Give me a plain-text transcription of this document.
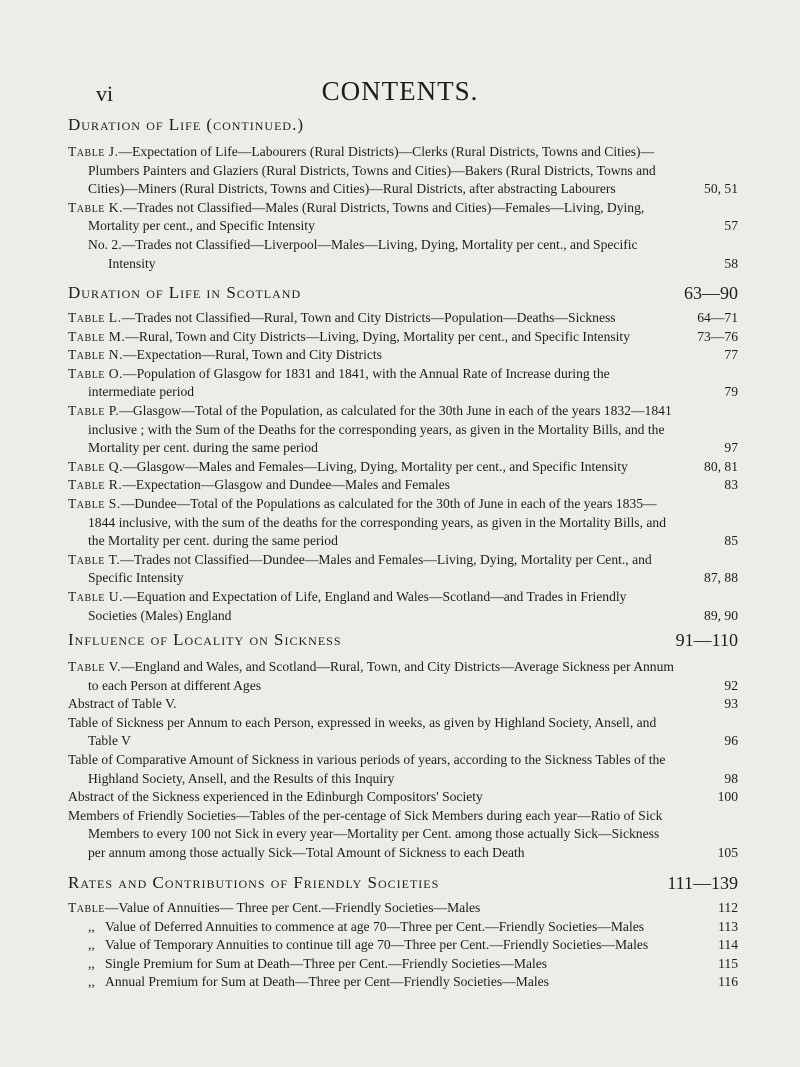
vi	CONTENTS.
Duration of Life (continued.)
Table J.—Expectation of Life—Labourers (Rural Districts)—Clerks (Rural Districts, Towns and Cities)—Plumbers Painters and Glaziers (Rural Districts, Towns and Cities)—Bakers (Rural Districts, Towns and Cities)—Miners (Rural Districts, Towns and Cities)—Rural Districts, after abstracting Labourers	50, 51
Table K.—Trades not Classified—Males (Rural Districts, Towns and Cities)—Females—Living, Dying, Mortality per cent., and Specific Intensity	57
No. 2.—Trades not Classified—Liverpool—Males—Living, Dying, Mortality per cent., and Specific Intensity	58
Duration of Life in Scotland	63—90
Table L.—Trades not Classified—Rural, Town and City Districts—Population—Deaths—Sickness	64—71
Table M.—Rural, Town and City Districts—Living, Dying, Mortality per cent., and Specific Intensity	73—76
Table N.—Expectation—Rural, Town and City Districts	77
Table O.—Population of Glasgow for 1831 and 1841, with the Annual Rate of Increase during the intermediate period	79
Table P.—Glasgow—Total of the Population, as calculated for the 30th June in each of the years 1832—1841 inclusive ; with the Sum of the Deaths for the corresponding years, as given in the Mortality Bills, and the Mortality per cent. during the same period	97
Table Q.—Glasgow—Males and Females—Living, Dying, Mortality per cent., and Specific Intensity	80, 81
Table R.—Expectation—Glasgow and Dundee—Males and Females	83
Table S.—Dundee—Total of the Populations as calculated for the 30th of June in each of the years 1835—1844 inclusive, with the sum of the deaths for the corresponding years, as given in the Mortality Bills, and the Mortality per cent. during the same period	85
Table T.—Trades not Classified—Dundee—Males and Females—Living, Dying, Mortality per Cent., and Specific Intensity	87, 88
Table U.—Equation and Expectation of Life, England and Wales—Scotland—and Trades in Friendly Societies (Males) England	89, 90
Influence of Locality on Sickness	91—110
Table V.—England and Wales, and Scotland—Rural, Town, and City Districts—Average Sickness per Annum to each Person at different Ages	92
Abstract of Table V.	93
Table of Sickness per Annum to each Person, expressed in weeks, as given by Highland Society, Ansell, and Table V	96
Table of Comparative Amount of Sickness in various periods of years, according to the Sickness Tables of the Highland Society, Ansell, and the Results of this Inquiry	98
Abstract of the Sickness experienced in the Edinburgh Compositors' Society	100
Members of Friendly Societies—Tables of the per-centage of Sick Members during each year—Ratio of Sick Members to every 100 not Sick in every year—Mortality per Cent. among those actually Sick—Sickness per annum among those actually Sick—Total Amount of Sickness to each Death	105
Rates and Contributions of Friendly Societies	111—139
Table—Value of Annuities— Three per Cent.—Friendly Societies—Males	112
,, Value of Deferred Annuities to commence at age 70—Three per Cent.—Friendly Societies—Males	113
,, Value of Temporary Annuities to continue till age 70—Three per Cent.—Friendly Societies—Males	114
,, Single Premium for Sum at Death—Three per Cent.—Friendly Societies—Males	115
,, Annual Premium for Sum at Death—Three per Cent—Friendly Societies—Males	116
